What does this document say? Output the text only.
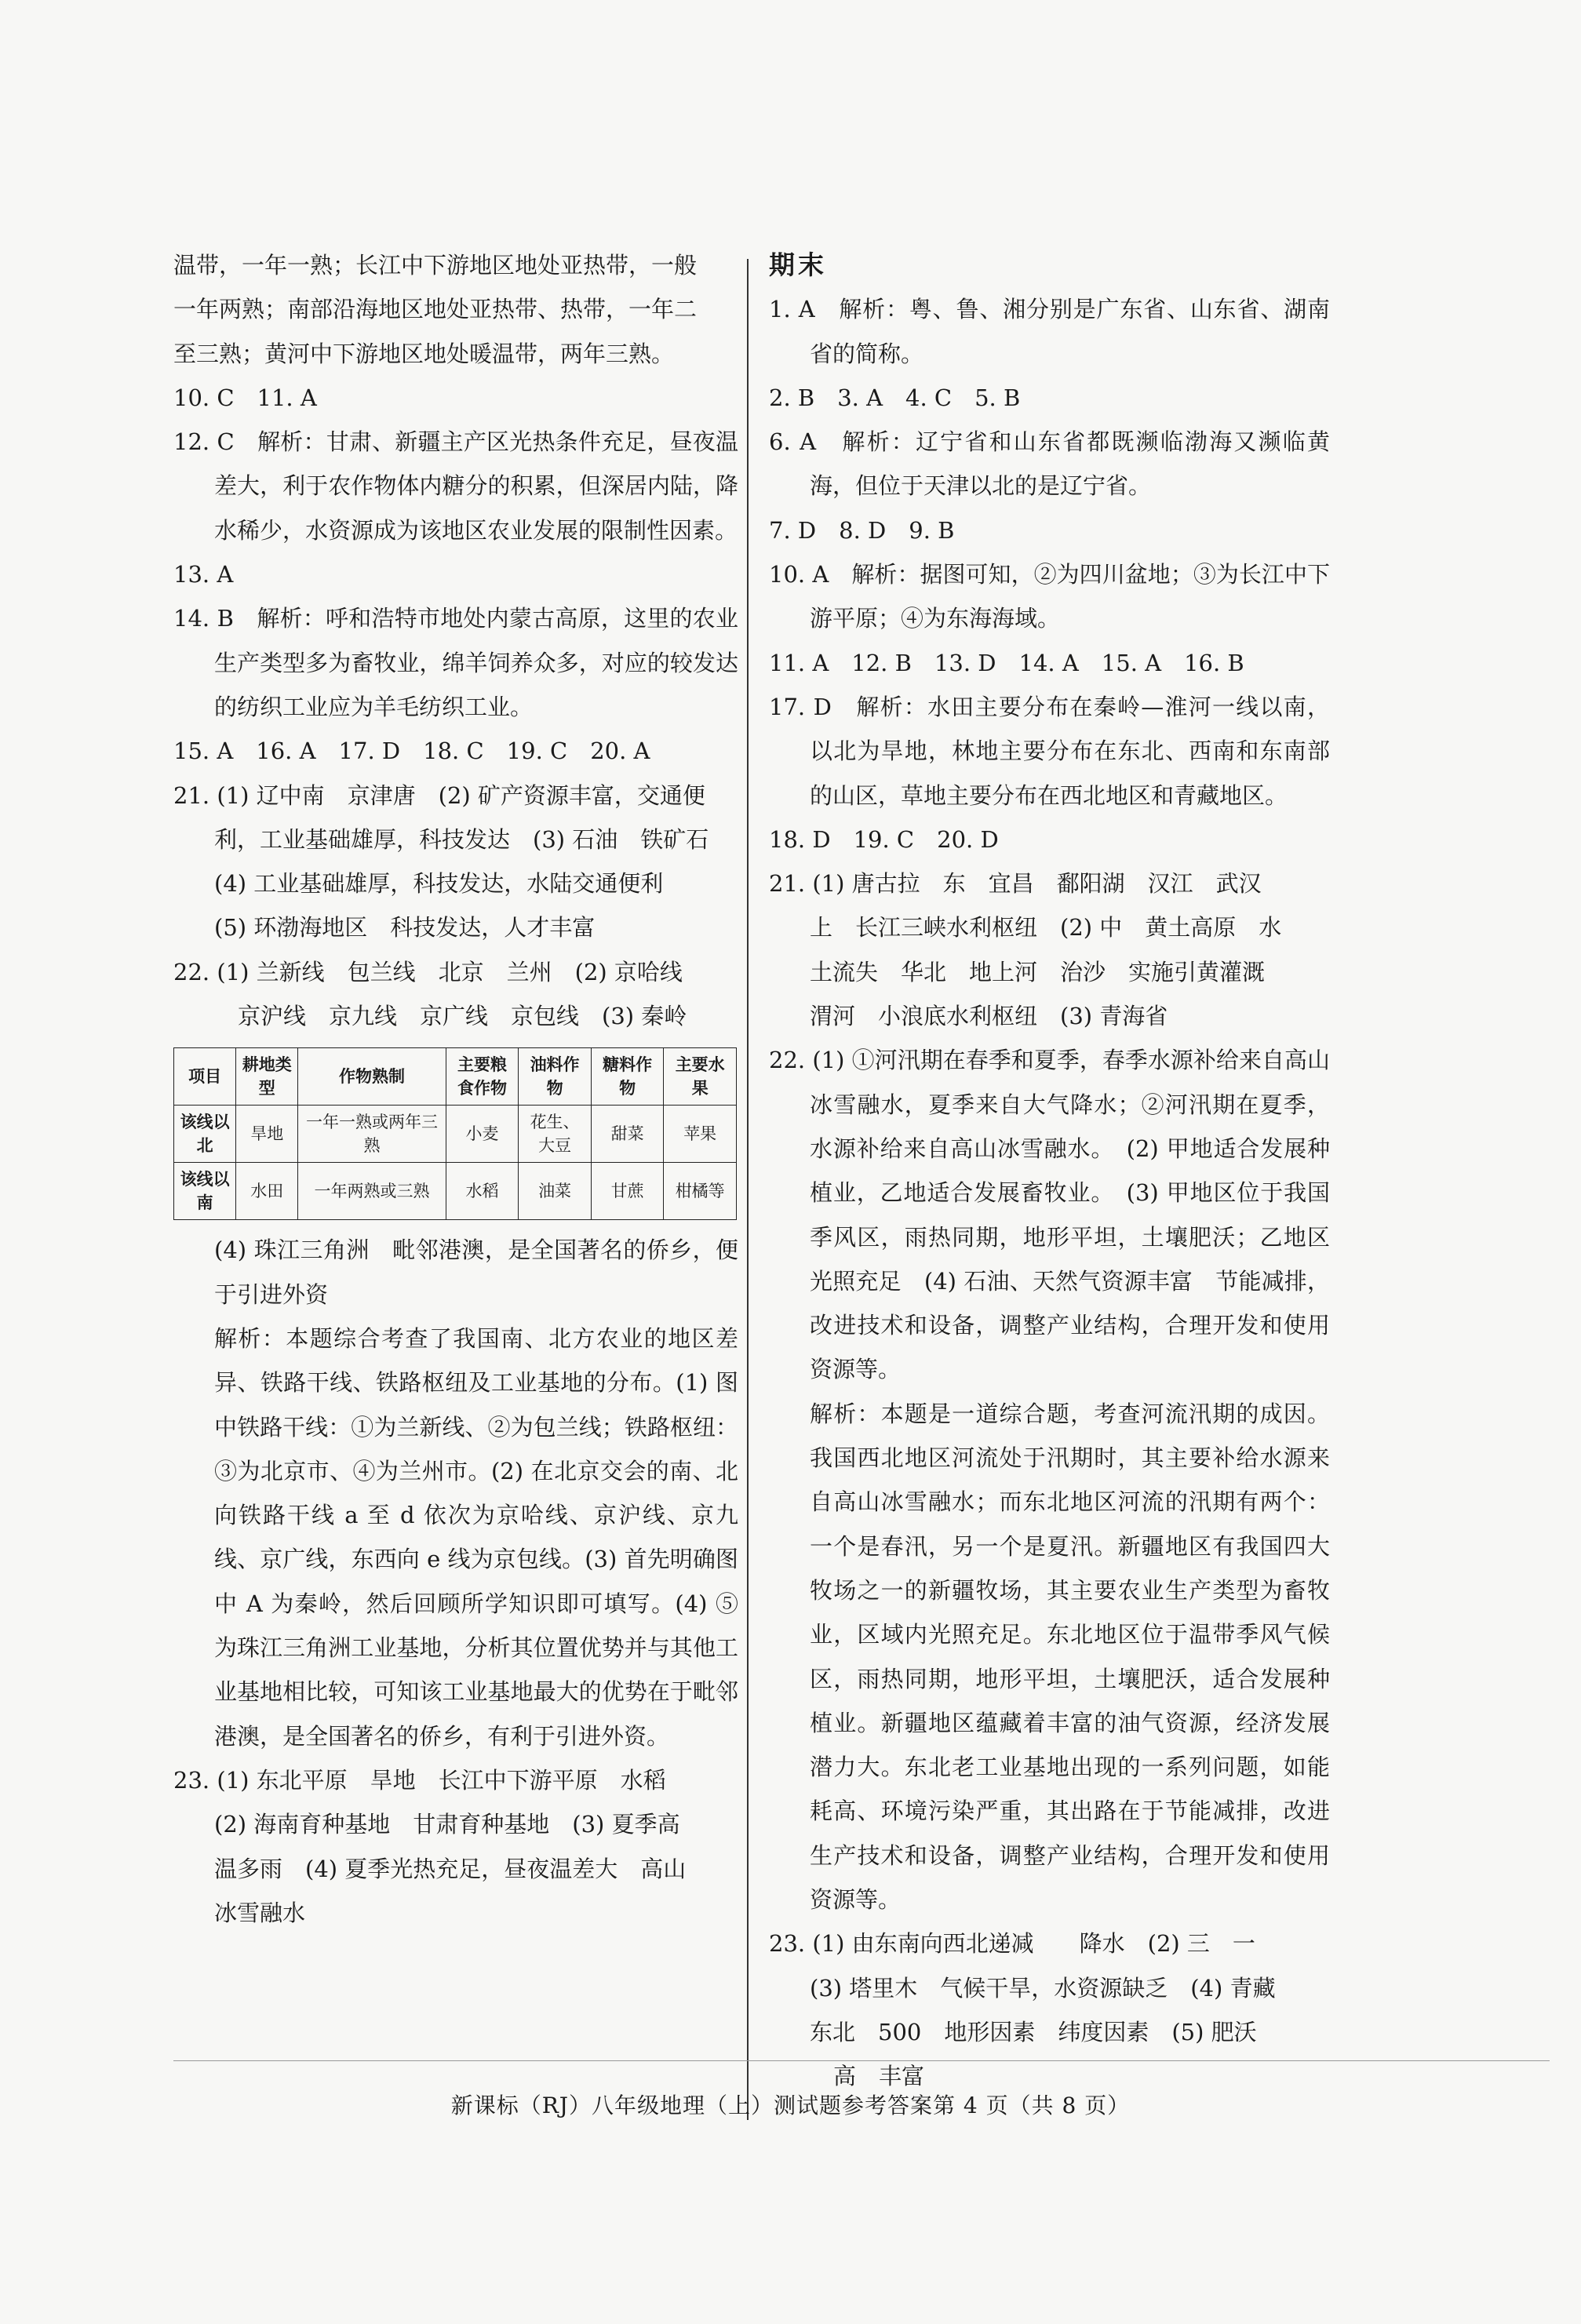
温带，一年一熟；长江中下游地区地处亚热带，一般

一年两熟；南部沿海地区地处亚热带、热带，一年二

至三熟；黄河中下游地区地处暖温带，两年三熟。

10. C　11. A

12. C　解析：甘肃、新疆主产区光热条件充足，昼夜温差大，利于农作物体内糖分的积累，但深居内陆，降水稀少，水资源成为该地区农业发展的限制性因素。

13. A

14. B　解析：呼和浩特市地处内蒙古高原，这里的农业生产类型多为畜牧业，绵羊饲养众多，对应的较发达的纺织工业应为羊毛纺织工业。

15. A　16. A　17. D　18. C　19. C　20. A

21. (1) 辽中南　京津唐　(2) 矿产资源丰富，交通便

利，工业基础雄厚，科技发达　(3) 石油　铁矿石

(4) 工业基础雄厚，科技发达，水陆交通便利

(5) 环渤海地区　科技发达，人才丰富

22. (1) 兰新线　包兰线　北京　兰州　(2) 京哈线

京沪线　京九线　京广线　京包线　(3) 秦岭

项目	耕地类型	作物熟制	主要粮食作物	油料作物	糖料作物	主要水果
该线以北	旱地	一年一熟或两年三熟	小麦	花生、大豆	甜菜	苹果
该线以南	水田	一年两熟或三熟	水稻	油菜	甘蔗	柑橘等

(4) 珠江三角洲　毗邻港澳，是全国著名的侨乡，便于引进外资

解析：本题综合考查了我国南、北方农业的地区差异、铁路干线、铁路枢纽及工业基地的分布。(1) 图中铁路干线：①为兰新线、②为包兰线；铁路枢纽：③为北京市、④为兰州市。(2) 在北京交会的南、北向铁路干线 a 至 d 依次为京哈线、京沪线、京九线、京广线，东西向 e 线为京包线。(3) 首先明确图中 A 为秦岭，然后回顾所学知识即可填写。(4) ⑤为珠江三角洲工业基地，分析其位置优势并与其他工业基地相比较，可知该工业基地最大的优势在于毗邻港澳，是全国著名的侨乡，有利于引进外资。

23. (1) 东北平原　旱地　长江中下游平原　水稻

(2) 海南育种基地　甘肃育种基地　(3) 夏季高

温多雨　(4) 夏季光热充足，昼夜温差大　高山

冰雪融水

期末

1. A　解析：粤、鲁、湘分别是广东省、山东省、湖南省的简称。

2. B　3. A　4. C　5. B

6. A　解析：辽宁省和山东省都既濒临渤海又濒临黄海，但位于天津以北的是辽宁省。

7. D　8. D　9. B

10. A　解析：据图可知，②为四川盆地；③为长江中下游平原；④为东海海域。

11. A　12. B　13. D　14. A　15. A　16. B

17. D　解析：水田主要分布在秦岭—淮河一线以南，以北为旱地，林地主要分布在东北、西南和东南部的山区，草地主要分布在西北地区和青藏地区。

18. D　19. C　20. D

21. (1) 唐古拉　东　宜昌　鄱阳湖　汉江　武汉

上　长江三峡水利枢纽　(2) 中　黄土高原　水

土流失　华北　地上河　治沙　实施引黄灌溉

渭河　小浪底水利枢纽　(3) 青海省

22. (1) ①河汛期在春季和夏季，春季水源补给来自高山冰雪融水，夏季来自大气降水；②河汛期在夏季，水源补给来自高山冰雪融水。　(2) 甲地适合发展种植业，乙地适合发展畜牧业。　(3) 甲地区位于我国季风区，雨热同期，地形平坦，土壤肥沃；乙地区光照充足　(4) 石油、天然气资源丰富　节能减排，改进技术和设备，调整产业结构，合理开发和使用资源等。

解析：本题是一道综合题，考查河流汛期的成因。我国西北地区河流处于汛期时，其主要补给水源来自高山冰雪融水；而东北地区河流的汛期有两个：一个是春汛，另一个是夏汛。新疆地区有我国四大牧场之一的新疆牧场，其主要农业生产类型为畜牧业，区域内光照充足。东北地区位于温带季风气候区，雨热同期，地形平坦，土壤肥沃，适合发展种植业。新疆地区蕴藏着丰富的油气资源，经济发展潜力大。东北老工业基地出现的一系列问题，如能耗高、环境污染严重，其出路在于节能减排，改进生产技术和设备，调整产业结构，合理开发和使用资源等。

23. (1) 由东南向西北递减　　降水　(2) 三　一

(3) 塔里木　气候干旱，水资源缺乏　(4) 青藏

东北　500　地形因素　纬度因素　(5) 肥沃

高　丰富

新课标（RJ）八年级地理（上）测试题参考答案第 4 页（共 8 页）
